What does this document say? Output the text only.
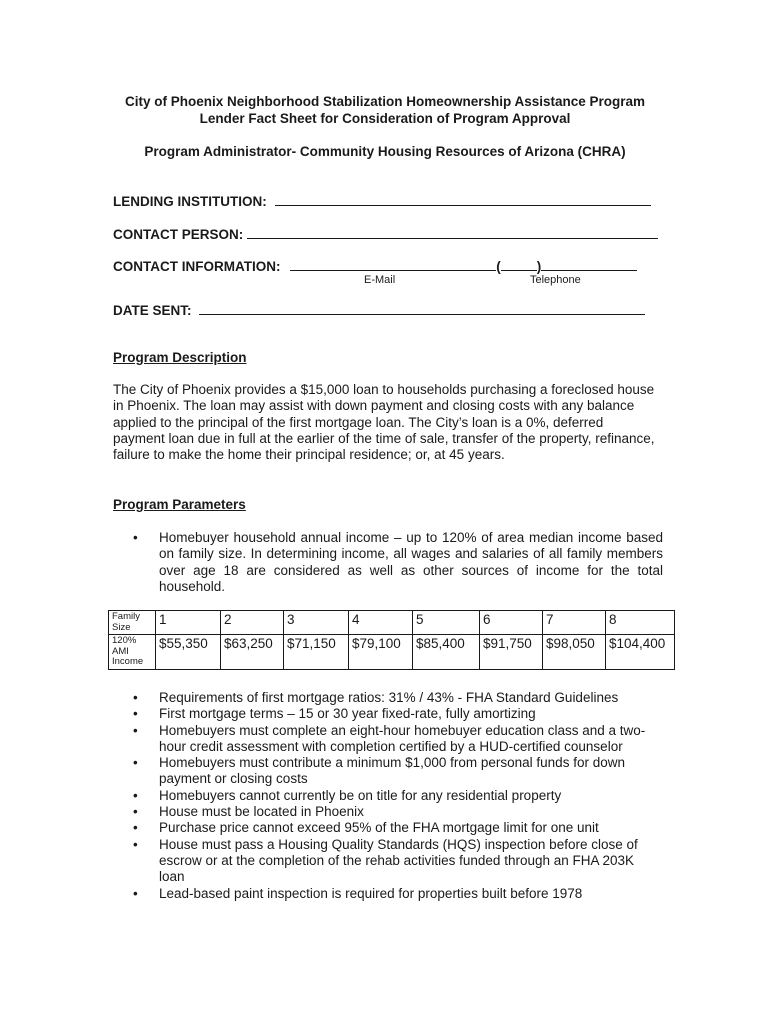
City of Phoenix Neighborhood Stabilization Homeownership Assistance Program
Lender Fact Sheet for Consideration of Program Approval
Program Administrator- Community Housing Resources of Arizona (CHRA)
LENDING INSTITUTION:
CONTACT PERSON:
CONTACT INFORMATION:	(	)
E-Mail	Telephone
DATE SENT:
Program Description
The City of Phoenix provides a $15,000 loan to households purchasing a foreclosed house in Phoenix. The loan may assist with down payment and closing costs with any balance applied to the principal of the first mortgage loan. The City’s loan is a 0%, deferred payment loan due in full at the earlier of the time of sale, transfer of the property, refinance, failure to make the home their principal residence; or, at 45 years.
Program Parameters
• Homebuyer household annual income – up to 120% of area median income based on family size. In determining income, all wages and salaries of all family members over age 18 are considered as well as other sources of income for the total household.
Family Size	1	2	3	4	5	6	7	8
120% AMI Income	$55,350	$63,250	$71,150	$79,100	$85,400	$91,750	$98,050	$104,400
• Requirements of first mortgage ratios: 31% / 43% - FHA Standard Guidelines
• First mortgage terms – 15 or 30 year fixed-rate, fully amortizing
• Homebuyers must complete an eight-hour homebuyer education class and a two-hour credit assessment with completion certified by a HUD-certified counselor
• Homebuyers must contribute a minimum $1,000 from personal funds for down payment or closing costs
• Homebuyers cannot currently be on title for any residential property
• House must be located in Phoenix
• Purchase price cannot exceed 95% of the FHA mortgage limit for one unit
• House must pass a Housing Quality Standards (HQS) inspection before close of escrow or at the completion of the rehab activities funded through an FHA 203K loan
• Lead-based paint inspection is required for properties built before 1978
